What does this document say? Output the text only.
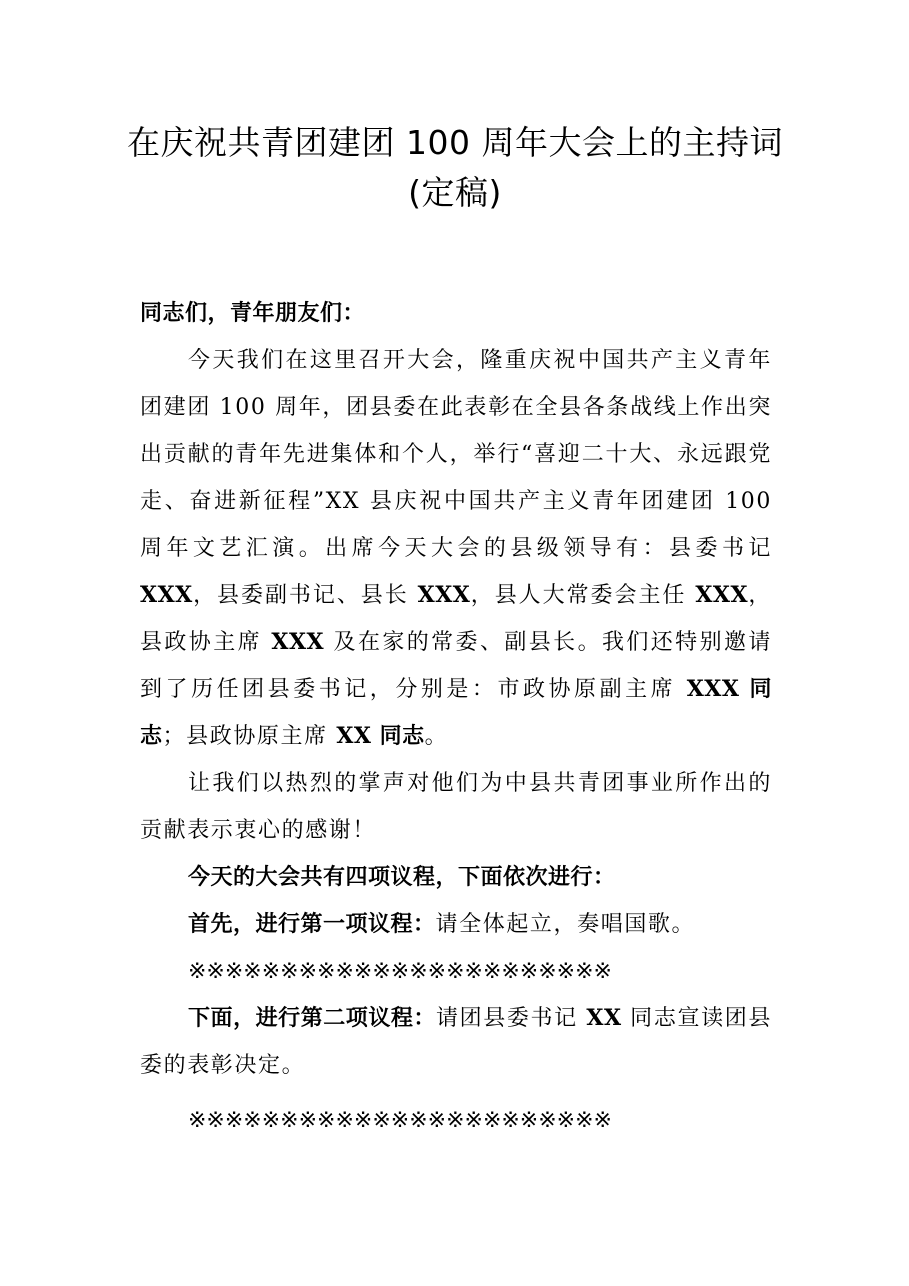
在庆祝共青团建团 100 周年大会上的主持词(定稿)

同志们，青年朋友们：

今天我们在这里召开大会，隆重庆祝中国共产主义青年团建团 100 周年，团县委在此表彰在全县各条战线上作出突出贡献的青年先进集体和个人，举行“喜迎二十大、永远跟党走、奋进新征程”XX 县庆祝中国共产主义青年团建团 100 周年文艺汇演。出席今天大会的县级领导有：县委书记 XXX，县委副书记、县长 XXX，县人大常委会主任 XXX，县政协主席 XXX 及在家的常委、副县长。我们还特别邀请到了历任团县委书记，分别是：市政协原副主席 XXX 同志；县政协原主席 XX 同志。

让我们以热烈的掌声对他们为中县共青团事业所作出的贡献表示衷心的感谢！

今天的大会共有四项议程，下面依次进行：

首先，进行第一项议程：请全体起立，奏唱国歌。

※※※※※※※※※※※※※※※※※※※※※※※

下面，进行第二项议程：请团县委书记 XX 同志宣读团县委的表彰决定。

※※※※※※※※※※※※※※※※※※※※※※※
